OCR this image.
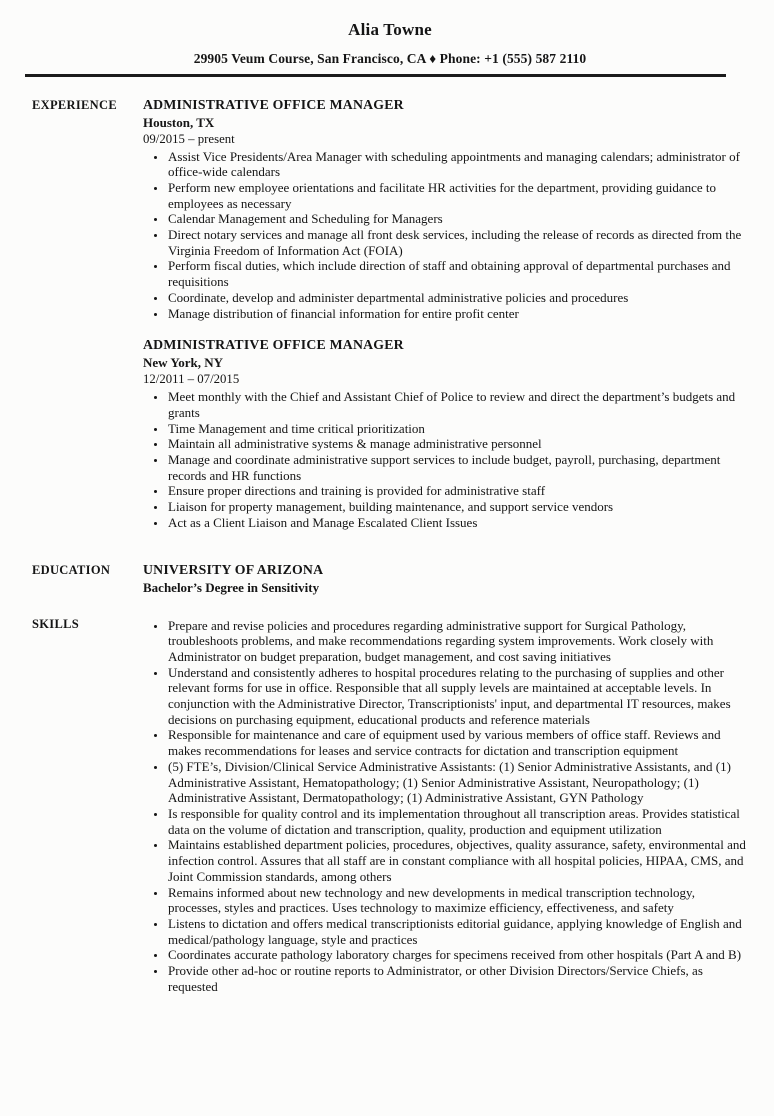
Alia Towne
29905 Veum Course, San Francisco, CA ♦ Phone: +1 (555) 587 2110
EXPERIENCE	ADMINISTRATIVE OFFICE MANAGER
Houston, TX
09/2015 – present
• Assist Vice Presidents/Area Manager with scheduling appointments and managing calendars; administrator of office-wide calendars
• Perform new employee orientations and facilitate HR activities for the department, providing guidance to employees as necessary
• Calendar Management and Scheduling for Managers
• Direct notary services and manage all front desk services, including the release of records as directed from the Virginia Freedom of Information Act (FOIA)
• Perform fiscal duties, which include direction of staff and obtaining approval of departmental purchases and requisitions
• Coordinate, develop and administer departmental administrative policies and procedures
• Manage distribution of financial information for entire profit center
ADMINISTRATIVE OFFICE MANAGER
New York, NY
12/2011 – 07/2015
• Meet monthly with the Chief and Assistant Chief of Police to review and direct the department’s budgets and grants
• Time Management and time critical prioritization
• Maintain all administrative systems & manage administrative personnel
• Manage and coordinate administrative support services to include budget, payroll, purchasing, department records and HR functions
• Ensure proper directions and training is provided for administrative staff
• Liaison for property management, building maintenance, and support service vendors
• Act as a Client Liaison and Manage Escalated Client Issues
EDUCATION	UNIVERSITY OF ARIZONA
Bachelor’s Degree in Sensitivity
SKILLS	• Prepare and revise policies and procedures regarding administrative support for Surgical Pathology, troubleshoots problems, and make recommendations regarding system improvements. Work closely with Administrator on budget preparation, budget management, and cost saving initiatives
• Understand and consistently adheres to hospital procedures relating to the purchasing of supplies and other relevant forms for use in office. Responsible that all supply levels are maintained at acceptable levels. In conjunction with the Administrative Director, Transcriptionists' input, and departmental IT resources, makes decisions on purchasing equipment, educational products and reference materials
• Responsible for maintenance and care of equipment used by various members of office staff. Reviews and makes recommendations for leases and service contracts for dictation and transcription equipment
• (5) FTE’s, Division/Clinical Service Administrative Assistants: (1) Senior Administrative Assistants, and (1) Administrative Assistant, Hematopathology; (1) Senior Administrative Assistant, Neuropathology; (1) Administrative Assistant, Dermatopathology; (1) Administrative Assistant, GYN Pathology
• Is responsible for quality control and its implementation throughout all transcription areas. Provides statistical data on the volume of dictation and transcription, quality, production and equipment utilization
• Maintains established department policies, procedures, objectives, quality assurance, safety, environmental and infection control. Assures that all staff are in constant compliance with all hospital policies, HIPAA, CMS, and Joint Commission standards, among others
• Remains informed about new technology and new developments in medical transcription technology, processes, styles and practices. Uses technology to maximize efficiency, effectiveness, and safety
• Listens to dictation and offers medical transcriptionists editorial guidance, applying knowledge of English and medical/pathology language, style and practices
• Coordinates accurate pathology laboratory charges for specimens received from other hospitals (Part A and B)
• Provide other ad-hoc or routine reports to Administrator, or other Division Directors/Service Chiefs, as requested
